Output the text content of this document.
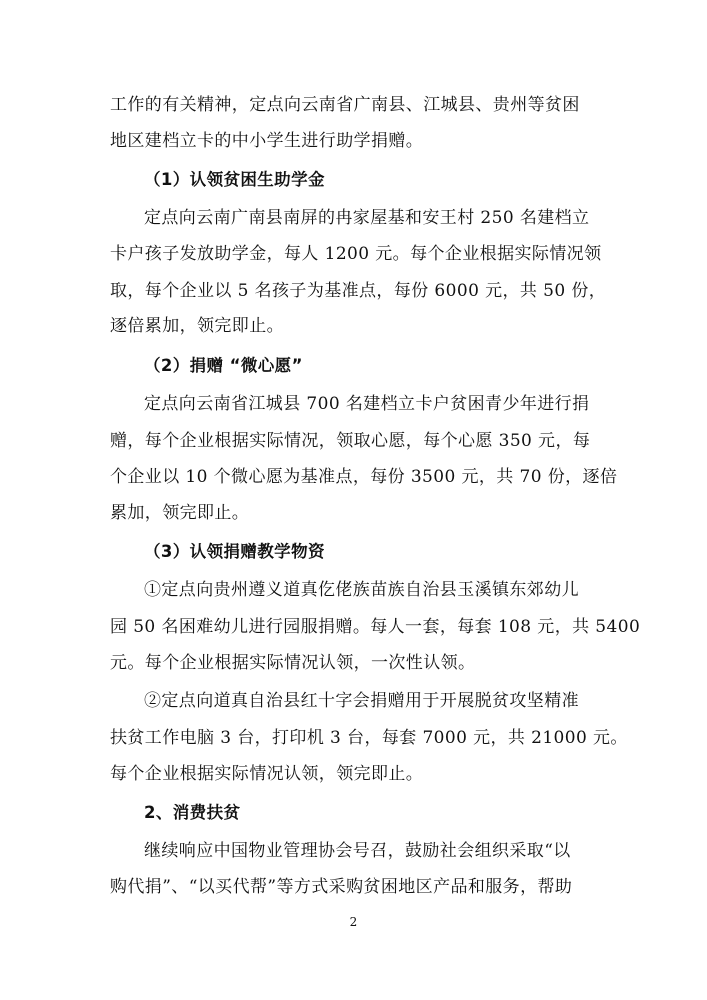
工作的有关精神，定点向云南省广南县、江城县、贵州等贫困
地区建档立卡的中小学生进行助学捐赠。
（1）认领贫困生助学金
定点向云南广南县南屏的冉家屋基和安王村 250 名建档立
卡户孩子发放助学金，每人 1200 元。每个企业根据实际情况领
取，每个企业以 5 名孩子为基准点，每份 6000 元，共 50 份，
逐倍累加，领完即止。
（2）捐赠 “微心愿”
定点向云南省江城县 700 名建档立卡户贫困青少年进行捐
赠，每个企业根据实际情况，领取心愿，每个心愿 350 元，每
个企业以 10 个微心愿为基准点，每份 3500 元，共 70 份，逐倍
累加，领完即止。
（3）认领捐赠教学物资
①定点向贵州遵义道真仡佬族苗族自治县玉溪镇东郊幼儿
园 50 名困难幼儿进行园服捐赠。每人一套，每套 108 元，共 5400
元。每个企业根据实际情况认领，一次性认领。
②定点向道真自治县红十字会捐赠用于开展脱贫攻坚精准
扶贫工作电脑 3 台，打印机 3 台，每套 7000 元，共 21000 元。
每个企业根据实际情况认领，领完即止。
2、消费扶贫
继续响应中国物业管理协会号召，鼓励社会组织采取“以
购代捐”、“以买代帮”等方式采购贫困地区产品和服务，帮助
2
